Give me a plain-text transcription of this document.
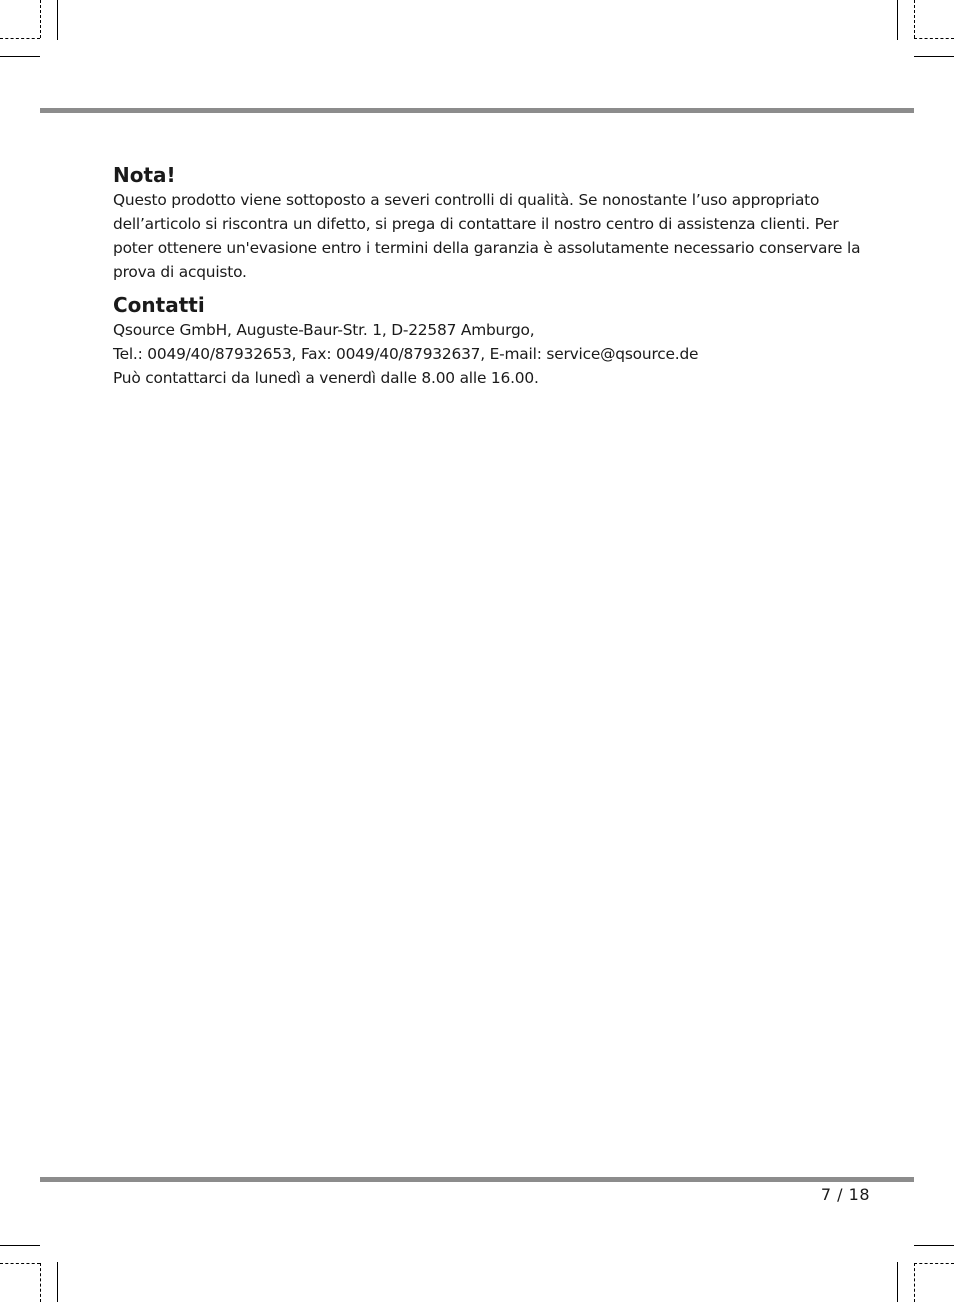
Nota!

Questo prodotto viene sottoposto a severi controlli di qualità. Se nonostante l’uso appropriato dell’articolo si riscontra un difetto, si prega di contattare il nostro centro di assistenza clienti. Per poter ottenere un'evasione entro i termini della garanzia è assolutamente necessario conservare la prova di acquisto.

Contatti
Qsource GmbH, Auguste-Baur-Str. 1, D-22587 Amburgo,
Tel.: 0049/40/87932653, Fax: 0049/40/87932637, E-mail: service@qsource.de
Può contattarci da lunedì a venerdì dalle 8.00 alle 16.00.
7 / 18
